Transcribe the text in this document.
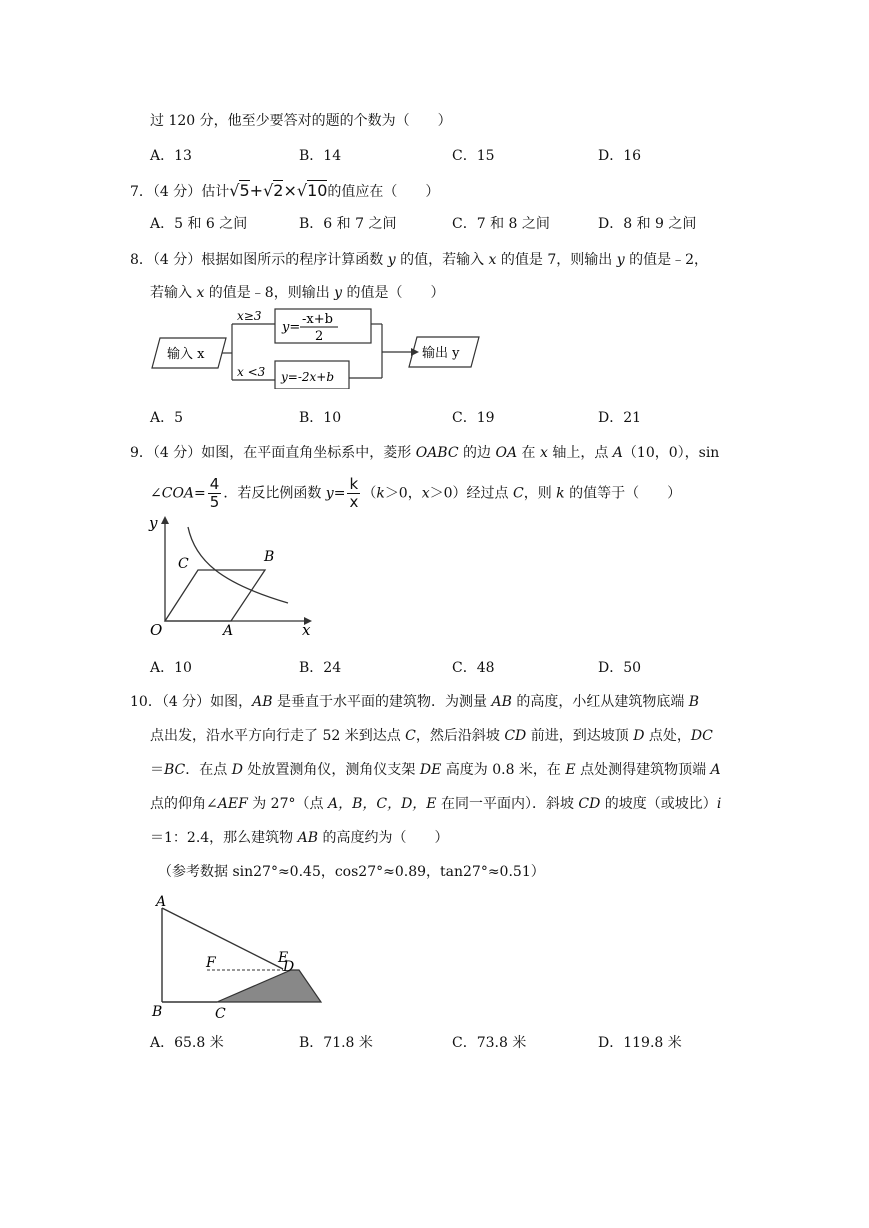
过 120 分，他至少要答对的题的个数为（　　）
A．13	B．14	C．15	D．16
7．（4 分）估计√5+√2×√10的值应在（　　）
A．5 和 6 之间	B．6 和 7 之间	C．7 和 8 之间	D．8 和 9 之间
8．（4 分）根据如图所示的程序计算函数 y 的值，若输入 x 的值是 7，则输出 y 的值是﹣2，
若输入 x 的值是﹣8，则输出 y 的值是（　　）
输入 x
x≥3
y=
-x+b
2
x <3 y=-2x+b
输出 y
A．5	B．10	C．19	D．21
9．（4 分）如图，在平面直角坐标系中，菱形 OABC 的边 OA 在 x 轴上，点 A（10，0），sin
∠COA= $\frac{4}{5}$ ．若反比例函数 $y= \frac{k}{x} (k>0$，x＞0）经过点 C，则 k 的值等于（　　）
y
x
O	A
B
C
A．10	B．24	C．48	D．50
10．（4 分）如图，AB 是垂直于水平面的建筑物．为测量 AB 的高度，小红从建筑物底端 B
点出发，沿水平方向行走了 52 米到达点 C，然后沿斜坡 CD 前进，到达坡顶 D 点处，DC
＝BC．在点 D 处放置测角仪，测角仪支架 DE 高度为 0.8 米，在 E 点处测得建筑物顶端 A
点的仰角∠AEF 为 27°（点 A，B，C，D，E 在同一平面内）．斜坡 CD 的坡度（或坡比）i
＝1：2.4，那么建筑物 AB 的高度约为（　　）
（参考数据 sin27°≈0.45，cos27°≈0.89，tan27°≈0.51）
A
B	C
D
E
F
A．65.8 米	B．71.8 米	C．73.8 米	D．119.8 米
